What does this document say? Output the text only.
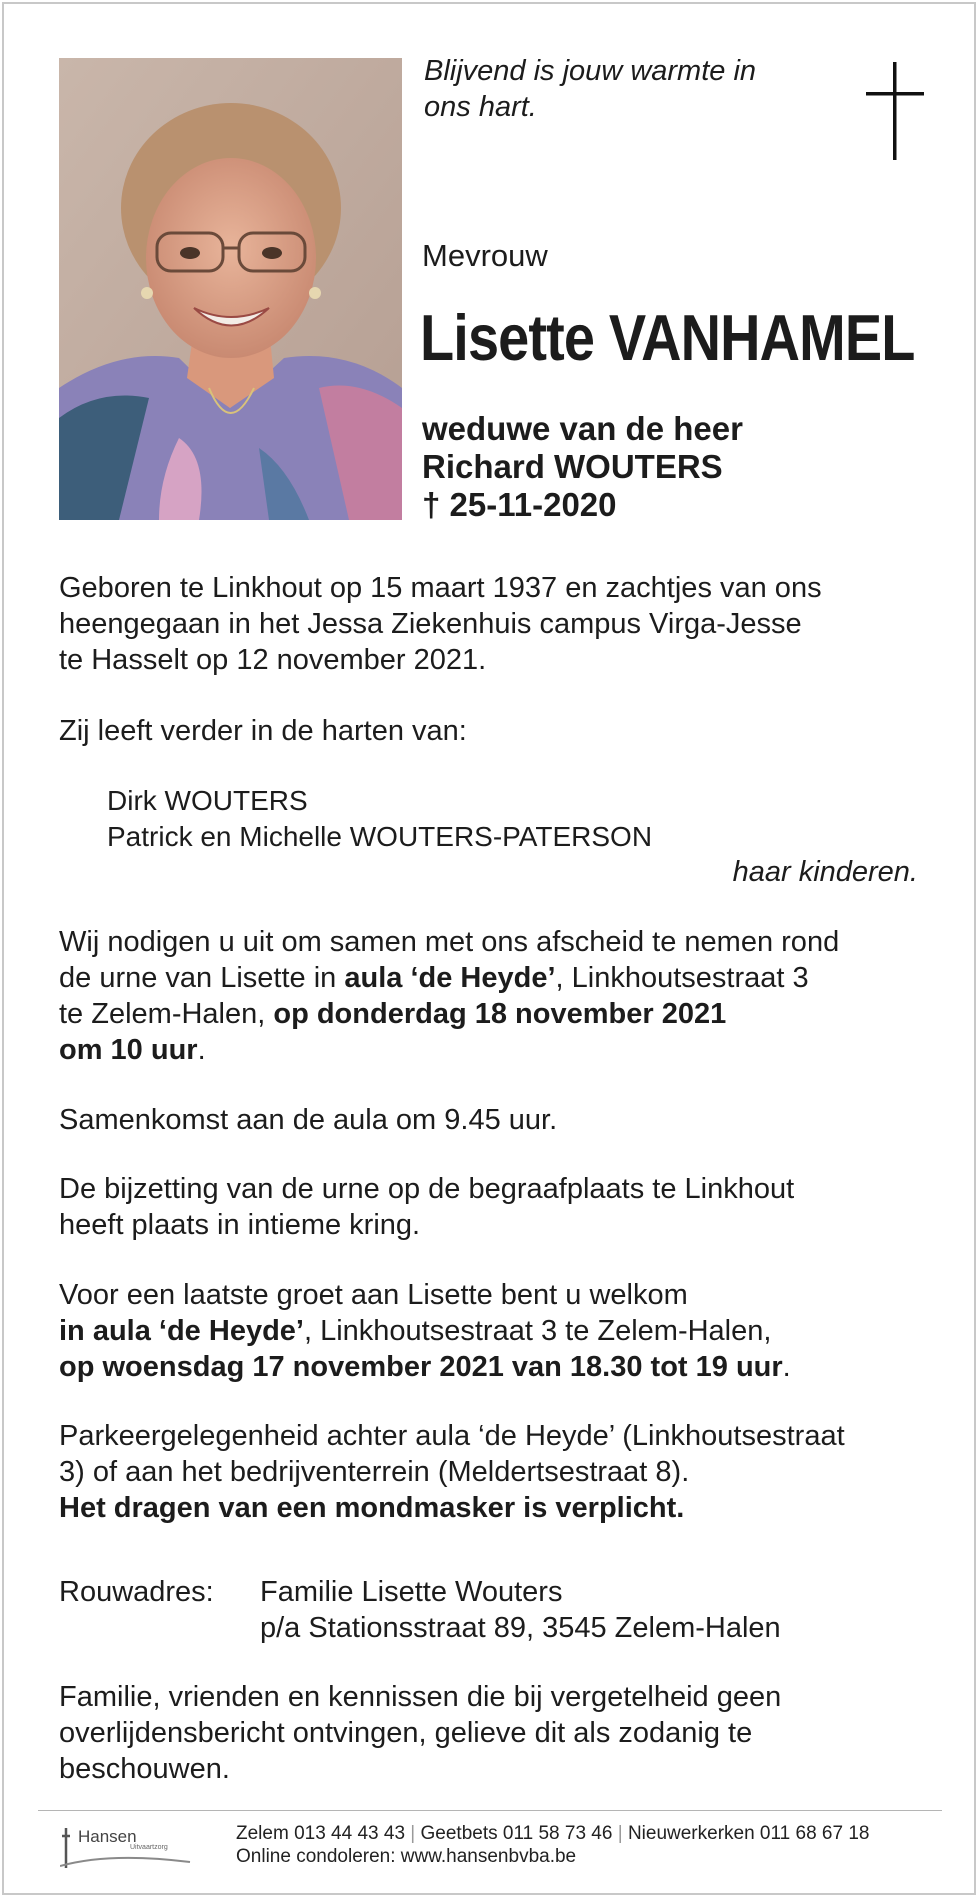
Blijvend is jouw warmte in
ons hart.
Mevrouw
Lisette VANHAMEL
weduwe van de heer
Richard WOUTERS
† 25-11-2020
Geboren te Linkhout op 15 maart 1937 en zachtjes van ons
heengegaan in het Jessa Ziekenhuis campus Virga-Jesse
te Hasselt op 12 november 2021.
Zij leeft verder in de harten van:
Dirk WOUTERS
Patrick en Michelle WOUTERS-PATERSON
haar kinderen.
Wij nodigen u uit om samen met ons afscheid te nemen rond
de urne van Lisette in aula ‘de Heyde’, Linkhoutsestraat 3
te Zelem-Halen, op donderdag 18 november 2021
om 10 uur.
Samenkomst aan de aula om 9.45 uur.
De bijzetting van de urne op de begraafplaats te Linkhout
heeft plaats in intieme kring.
Voor een laatste groet aan Lisette bent u welkom
in aula ‘de Heyde’, Linkhoutsestraat 3 te Zelem-Halen,
op woensdag 17 november 2021 van 18.30 tot 19 uur.
Parkeergelegenheid achter aula ‘de Heyde’ (Linkhoutsestraat
3) of aan het bedrijventerrein (Meldertsestraat 8).
Het dragen van een mondmasker is verplicht.
Rouwadres: Familie Lisette Wouters
p/a Stationsstraat 89, 3545 Zelem-Halen
Familie, vrienden en kennissen die bij vergetelheid geen
overlijdensbericht ontvingen, gelieve dit als zodanig te
beschouwen.
Hansen
Uitvaartzorg
Zelem 013 44 43 43 | Geetbets 011 58 73 46 | Nieuwerkerken 011 68 67 18
Online condoleren: www.hansenbvba.be
